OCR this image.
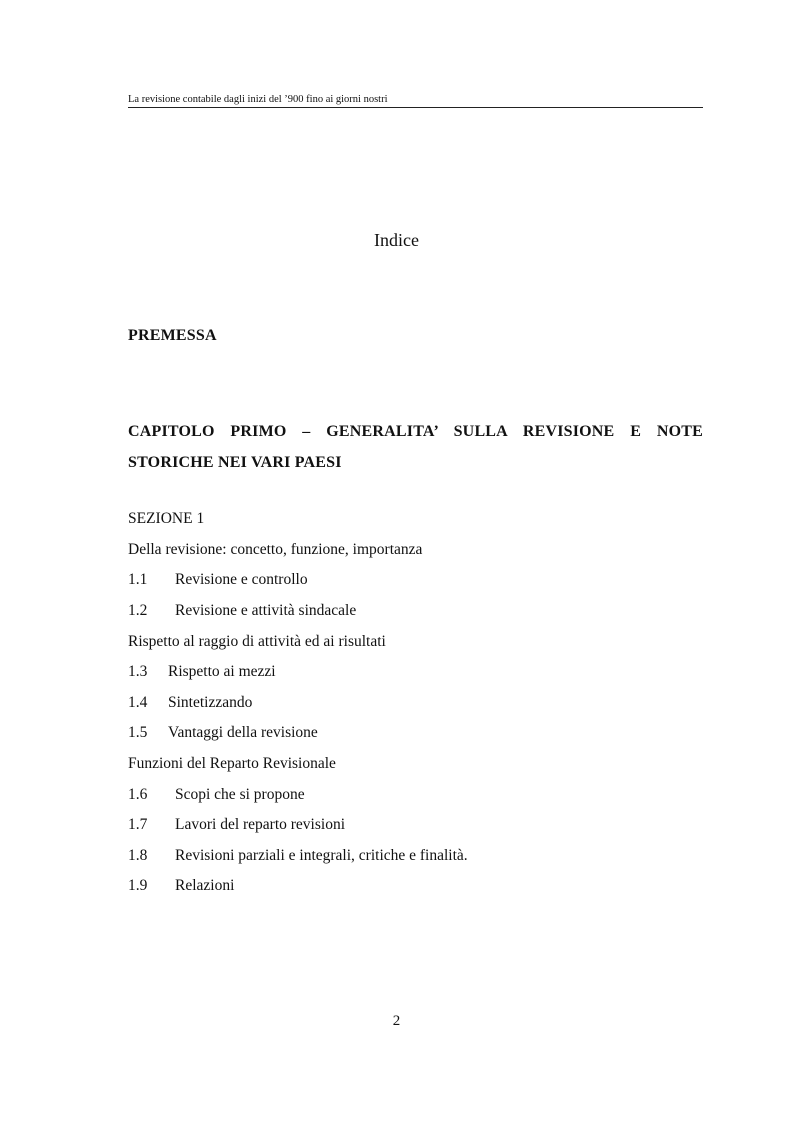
La revisione contabile dagli inizi del ’900 fino ai giorni nostri
Indice
PREMESSA
CAPITOLO PRIMO – GENERALITA’ SULLA REVISIONE E NOTE STORICHE NEI VARI PAESI
SEZIONE 1
Della revisione: concetto, funzione, importanza
1.1 Revisione e controllo
1.2 Revisione e attività sindacale
Rispetto al raggio di attività ed ai risultati
1.3 Rispetto ai mezzi
1.4 Sintetizzando
1.5 Vantaggi della revisione
Funzioni del Reparto Revisionale
1.6 Scopi che si propone
1.7 Lavori del reparto revisioni
1.8 Revisioni parziali e integrali, critiche e finalità.
1.9 Relazioni
2
